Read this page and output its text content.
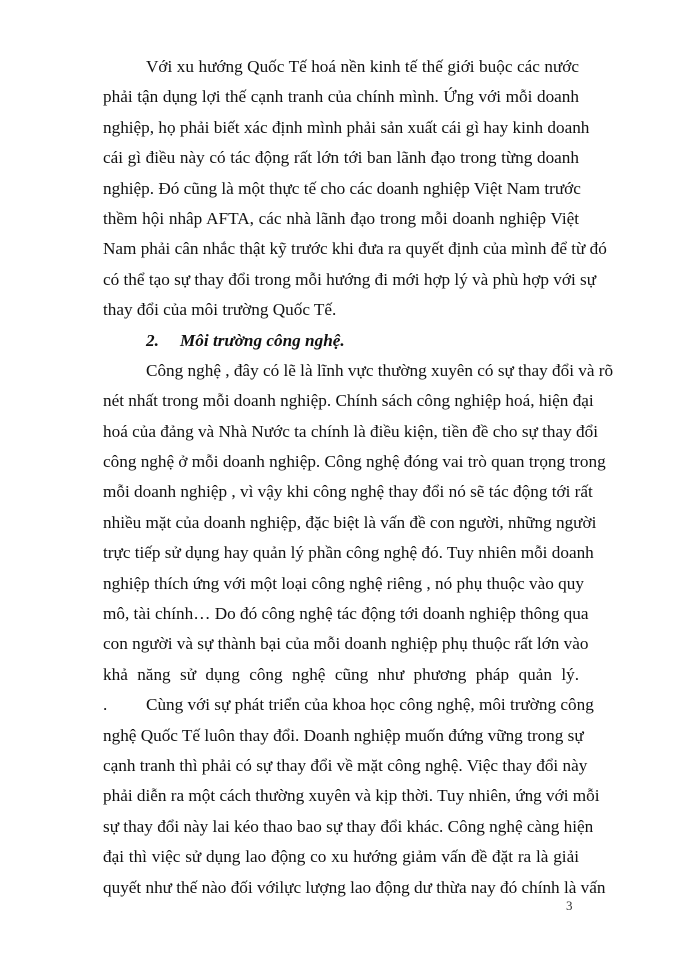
Với xu hướng Quốc Tế hoá nền kinh tế thế giới buộc các nước
phải tận dụng lợi thế cạnh tranh của chính mình. Ứng với mỗi doanh
nghiệp, họ phải biết xác định mình phải sản xuất cái gì hay kinh doanh
cái gì điều này có tác động rất lớn tới ban lãnh đạo trong từng doanh
nghiệp. Đó cũng là một thực tế cho các doanh nghiệp Việt Nam trước
thềm hội nhâp AFTA, các nhà lãnh đạo trong mỗi doanh nghiệp Việt
Nam phải cân nhắc thật kỹ trước khi đưa ra quyết định của mình để từ đó
có thể tạo sự thay đổi trong mỗi hướng đi mới hợp lý và phù hợp với sự
thay đổi của môi trường Quốc Tế.
2. Môi trường công nghệ.
Công nghệ , đây có lẽ là lĩnh vực thường xuyên có sự thay đổi và rõ
nét nhất trong mỗi doanh nghiệp. Chính sách công nghiệp hoá, hiện đại
hoá của đảng và Nhà Nước ta chính là điều kiện, tiền đề cho sự thay đổi
công nghệ ở mỗi doanh nghiệp. Công nghệ đóng vai trò quan trọng trong
mỗi doanh nghiệp , vì vậy khi công nghệ thay đổi nó sẽ tác động tới rất
nhiều mặt của doanh nghiệp, đặc biệt là vấn đề con người, những người
trực tiếp sử dụng hay quản lý phần công nghệ đó. Tuy nhiên mỗi doanh
nghiệp thích ứng với một loại công nghệ riêng , nó phụ thuộc vào quy
mô, tài chính… Do đó công nghệ tác động tới doanh nghiệp thông qua
con người và sự thành bại của mỗi doanh nghiệp phụ thuộc rất lớn vào
khả năng sử dụng công nghệ cũng như phương pháp quản lý.
. Cùng với sự phát triển của khoa học công nghệ, môi trường công
nghệ Quốc Tế luôn thay đổi. Doanh nghiệp muốn đứng vững trong sự
cạnh tranh thì phải có sự thay đổi về mặt công nghệ. Việc thay đổi này
phải diễn ra một cách thường xuyên và kịp thời. Tuy nhiên, ứng với mỗi
sự thay đổi này lai kéo thao bao sự thay đổi khác. Công nghệ càng hiện
đại thì việc sử dụng lao động co xu hướng giảm vấn đề đặt ra là giải
quyết như thế nào đối vớilực lượng lao động dư thừa nay đó chính là vấn
3
